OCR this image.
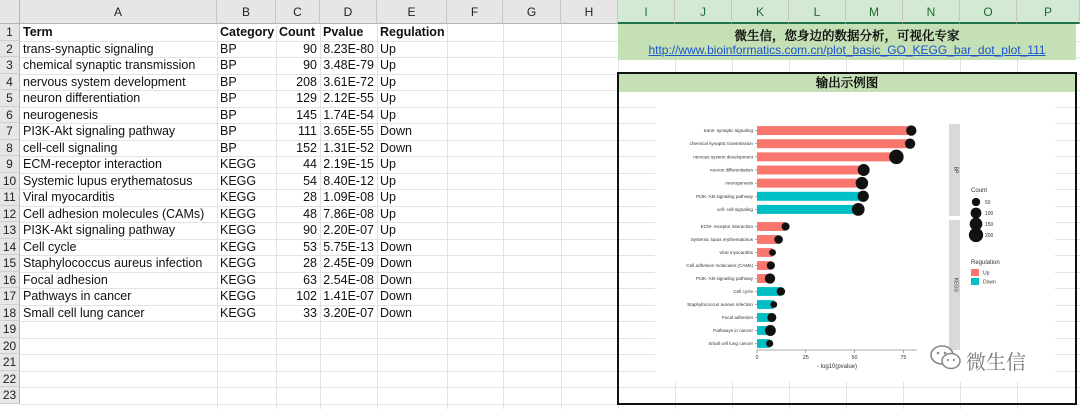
A	B	C	D	E	F	G	H	I	J	K	L	M	N	O	P
1
2
3
4
5
6
7
8
9
10
11
12
13
14
15
16
17
18
19
20
21
22
23
Term	Category Count Pvalue	Regulation
trans-synaptic signaling	BP	90 8.23E-80 Up
chemical synaptic transmission	BP	90 3.48E-79 Up
nervous system development	BP	208 3.61E-72 Up
neuron differentiation	BP	129 2.12E-55 Up
neurogenesis	BP	145 1.74E-54 Up
PI3K-Akt signaling pathway	BP	111 3.65E-55 Down
cell-cell signaling	BP	152 1.31E-52 Down
ECM-receptor interaction	KEGG	44 2.19E-15 Up
Systemic lupus erythematosus	KEGG	54 8.40E-12 Up
Viral myocarditis	KEGG	28 1.09E-08 Up
Cell adhesion molecules (CAMs)	KEGG	48 7.86E-08 Up
PI3K-Akt signaling pathway	KEGG	90 2.20E-07 Up
Cell cycle	KEGG	53 5.75E-13 Down
Staphylococcus aureus infection	KEGG	28 2.45E-09 Down
Focal adhesion	KEGG	63 2.54E-08 Down
Pathways in cancer	KEGG	102 1.41E-07 Down
Small cell lung cancer	KEGG	33 3.20E-07 Down
微生信，您身边的数据分析，可视化专家
http://www.bioinformatics.com.cn/plot_basic_GO_KEGG_bar_dot_plot_111
输出示例图
BP
KEGG
trans- synaptic signaling
chemical synaptic transmission
nervous system development
neuron differentiation
neurogenesis
PI3K- Akt signaling pathway
cell- cell signaling
ECM- receptor interaction
Systemic lupus erythematosus
Viral myocarditis
Cell adhesion molecules (CAMs)
PI3K- Akt signaling pathway
Cell cycle
Staphylococcus aureus infection
Focal adhesion
Pathways in cancer
Small cell lung cancer
0	25	50	75
- log10(pvalue)
Count
50
100
150
200
Regulation
Up
Down
微生信
